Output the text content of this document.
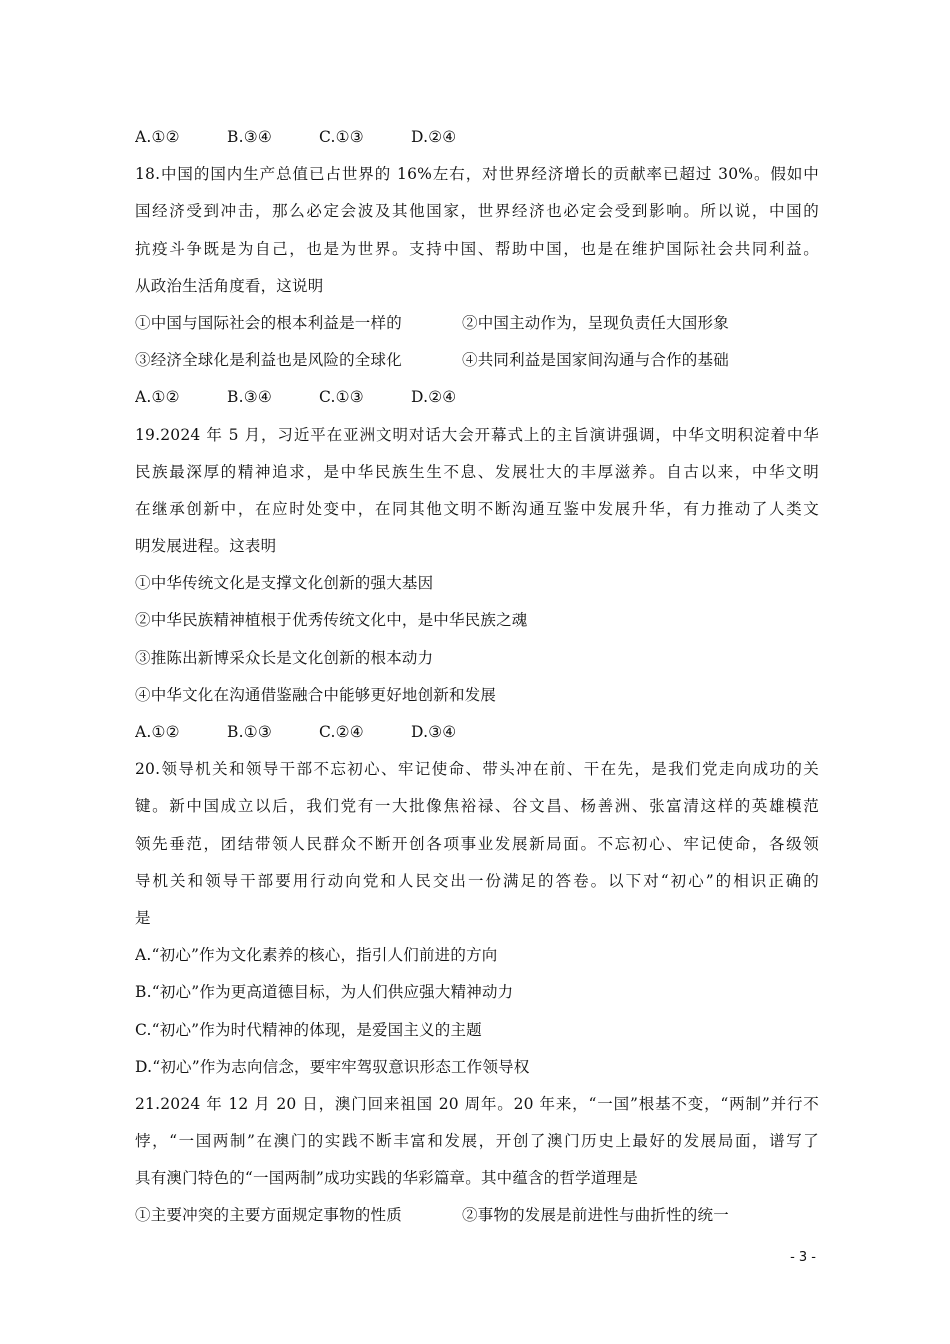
A.①②	B.③④	C.①③	D.②④
18.中国的国内生产总值已占世界的 16%左右，对世界经济增长的贡献率已超过 30%。假如中
国经济受到冲击，那么必定会波及其他国家，世界经济也必定会受到影响。所以说，中国的
抗疫斗争既是为自己，也是为世界。支持中国、帮助中国，也是在维护国际社会共同利益。
从政治生活角度看，这说明
①中国与国际社会的根本利益是一样的	②中国主动作为，呈现负责任大国形象
③经济全球化是利益也是风险的全球化	④共同利益是国家间沟通与合作的基础
A.①②	B.③④	C.①③	D.②④
19.2024 年 5 月，习近平在亚洲文明对话大会开幕式上的主旨演讲强调，中华文明积淀着中华
民族最深厚的精神追求，是中华民族生生不息、发展壮大的丰厚滋养。自古以来，中华文明
在继承创新中，在应时处变中，在同其他文明不断沟通互鉴中发展升华，有力推动了人类文
明发展进程。这表明
①中华传统文化是支撑文化创新的强大基因
②中华民族精神植根于优秀传统文化中，是中华民族之魂
③推陈出新博采众长是文化创新的根本动力
④中华文化在沟通借鉴融合中能够更好地创新和发展
A.①②	B.①③	C.②④	D.③④
20.领导机关和领导干部不忘初心、牢记使命、带头冲在前、干在先，是我们党走向成功的关
键。新中国成立以后，我们党有一大批像焦裕禄、谷文昌、杨善洲、张富清这样的英雄模范
领先垂范，团结带领人民群众不断开创各项事业发展新局面。不忘初心、牢记使命，各级领
导机关和领导干部要用行动向党和人民交出一份满足的答卷。以下对“初心”的相识正确的
是
A.“初心”作为文化素养的核心，指引人们前进的方向
B.“初心”作为更高道德目标，为人们供应强大精神动力
C.“初心”作为时代精神的体现，是爱国主义的主题
D.“初心”作为志向信念，要牢牢驾驭意识形态工作领导权
21.2024 年 12 月 20 日，澳门回来祖国 20 周年。20 年来，“一国”根基不变，“两制”并行不
悖，“一国两制”在澳门的实践不断丰富和发展，开创了澳门历史上最好的发展局面，谱写了
具有澳门特色的“一国两制”成功实践的华彩篇章。其中蕴含的哲学道理是
①主要冲突的主要方面规定事物的性质	②事物的发展是前进性与曲折性的统一
- 3 -
